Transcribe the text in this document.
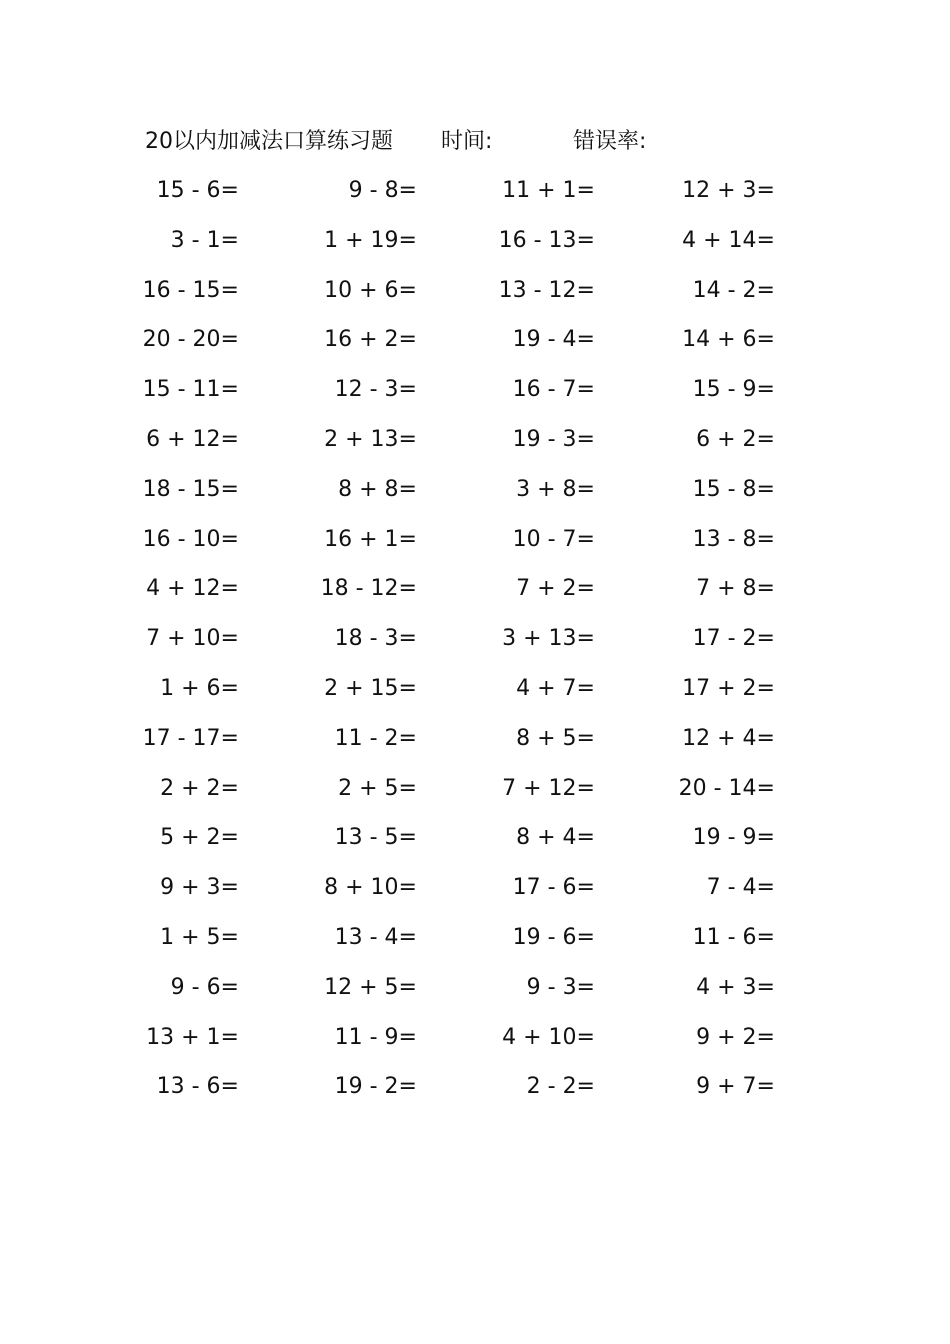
20以内加减法口算练习题 时间:	错误率:
15 - 6=	9 - 8=	11 + 1=	12 + 3=
3 - 1=	1 + 19=	16 - 13=	4 + 14=
16 - 15=	10 + 6=	13 - 12=	14 - 2=
20 - 20=	16 + 2=	19 - 4=	14 + 6=
15 - 11=	12 - 3=	16 - 7=	15 - 9=
6 + 12=	2 + 13=	19 - 3=	6 + 2=
18 - 15=	8 + 8=	3 + 8=	15 - 8=
16 - 10=	16 + 1=	10 - 7=	13 - 8=
4 + 12=	18 - 12=	7 + 2=	7 + 8=
7 + 10=	18 - 3=	3 + 13=	17 - 2=
1 + 6=	2 + 15=	4 + 7=	17 + 2=
17 - 17=	11 - 2=	8 + 5=	12 + 4=
2 + 2=	2 + 5=	7 + 12=	20 - 14=
5 + 2=	13 - 5=	8 + 4=	19 - 9=
9 + 3=	8 + 10=	17 - 6=	7 - 4=
1 + 5=	13 - 4=	19 - 6=	11 - 6=
9 - 6=	12 + 5=	9 - 3=	4 + 3=
13 + 1=	11 - 9=	4 + 10=	9 + 2=
13 - 6=	19 - 2=	2 - 2=	9 + 7=
